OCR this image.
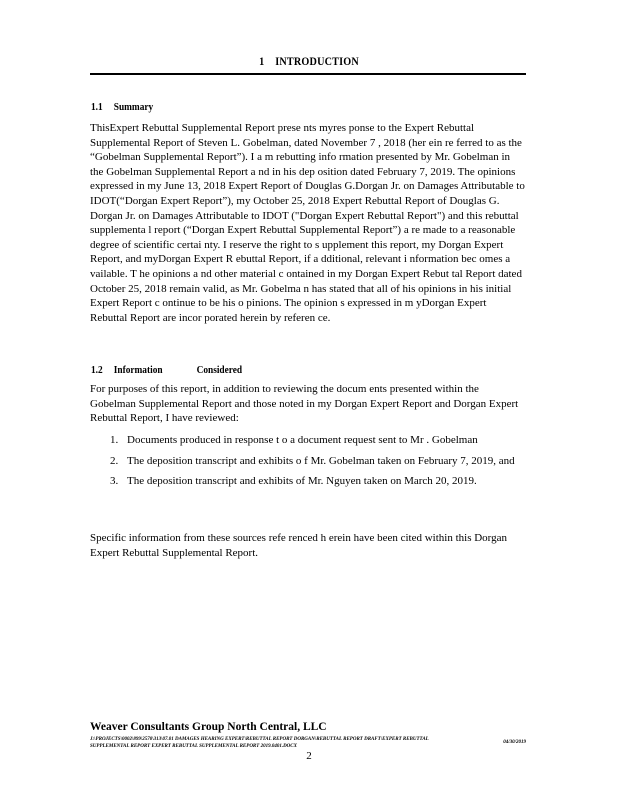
1 INTRODUCTION
1.1 Summary
ThisExpert Rebuttal Supplemental Report prese nts myres ponse to the Expert Rebuttal Supplemental Report of Steven L. Gobelman, dated November 7 , 2018 (her ein re ferred to as the “Gobelman Supplemental Report”). I a m rebutting info rmation presented by Mr. Gobelman in the Gobelman Supplemental Report a nd in his dep osition dated February 7, 2019. The opinions expressed in my June 13, 2018 Expert Report of Douglas G.Dorgan Jr. on Damages Attributable to IDOT(“Dorgan Expert Report”), my October 25, 2018 Expert Rebuttal Report of Douglas G. Dorgan Jr. on Damages Attributable to IDOT ("Dorgan Expert Rebuttal Report") and this rebuttal supplementa l report (“Dorgan Expert Rebuttal Supplemental Report”) a re made to a reasonable degree of scientific certai nty. I reserve the right to s upplement this report, my Dorgan Expert Report, and myDorgan Expert R ebuttal Report, if a dditional, relevant i nformation bec omes a vailable. T he opinions a nd other material c ontained in my Dorgan Expert Rebut tal Report dated October 25, 2018 remain valid, as Mr. Gobelma n has stated that all of his opinions in his initial Expert Report c ontinue to be his o pinions. The opinion s expressed in m yDorgan Expert Rebuttal Report are incor porated herein by referen ce.
1.2 Information	Considered
For purposes of this report, in addition to reviewing the docum ents presented within the Gobelman Supplemental Report and those noted in my Dorgan Expert Report and Dorgan Expert Rebuttal Report, I have reviewed:
1. Documents produced in response t o a document request sent to Mr . Gobelman
2. The deposition transcript and exhibits o f Mr. Gobelman taken on February 7, 2019, and
3. The deposition transcript and exhibits of Mr. Nguyen taken on March 20, 2019.
Specific information from these sources refe renced h erein have been cited within this Dorgan Expert Rebuttal Supplemental Report.
Weaver Consultants Group North Central, LLC
J:\PROJECTS\0002\899\2570\313\07.01 DAMAGES HEARING EXPERT\REBUTTAL REPORT DORGAN\REBUTTAL REPORT DRAFT\EXPERT REBUTTAL SUPPLEMENTAL REPORT EXPERT REBUTTAL SUPPLEMENTAL REPORT 2019.0401.DOCX
04/30/2019
2
